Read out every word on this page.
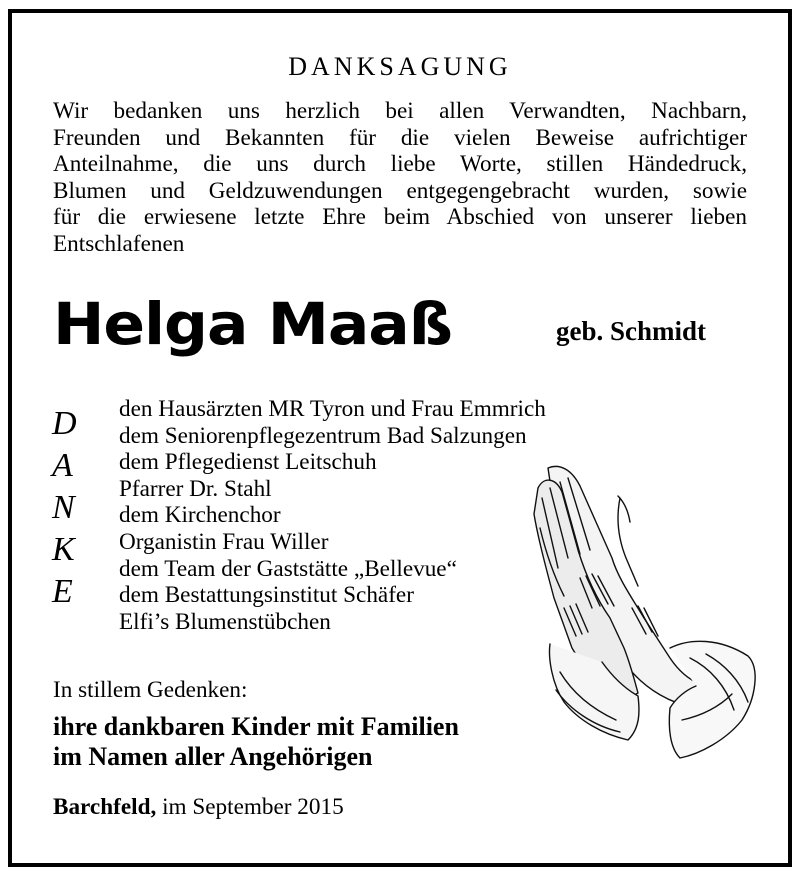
DANKSAGUNG

Wir bedanken uns herzlich bei allen Verwandten, Nachbarn,
Freunden und Bekannten für die vielen Beweise aufrichtiger
Anteilnahme, die uns durch liebe Worte, stillen Händedruck,
Blumen und Geldzuwendungen entgegengebracht wurden, sowie
für die erwiesene letzte Ehre beim Abschied von unserer lieben
Entschlafenen

Helga Maaß	geb. Schmidt
D
A
N
K
E
den Hausärzten MR Tyron und Frau Emmrich
dem Seniorenpflegezentrum Bad Salzungen
dem Pflegedienst Leitschuh
Pfarrer Dr. Stahl
dem Kirchenchor
Organistin Frau Willer
dem Team der Gaststätte „Bellevue“
dem Bestattungsinstitut Schäfer
Elfi’s Blumenstübchen
In stillem Gedenken:
ihre dankbaren Kinder mit Familien
im Namen aller Angehörigen
Barchfeld, im September 2015
